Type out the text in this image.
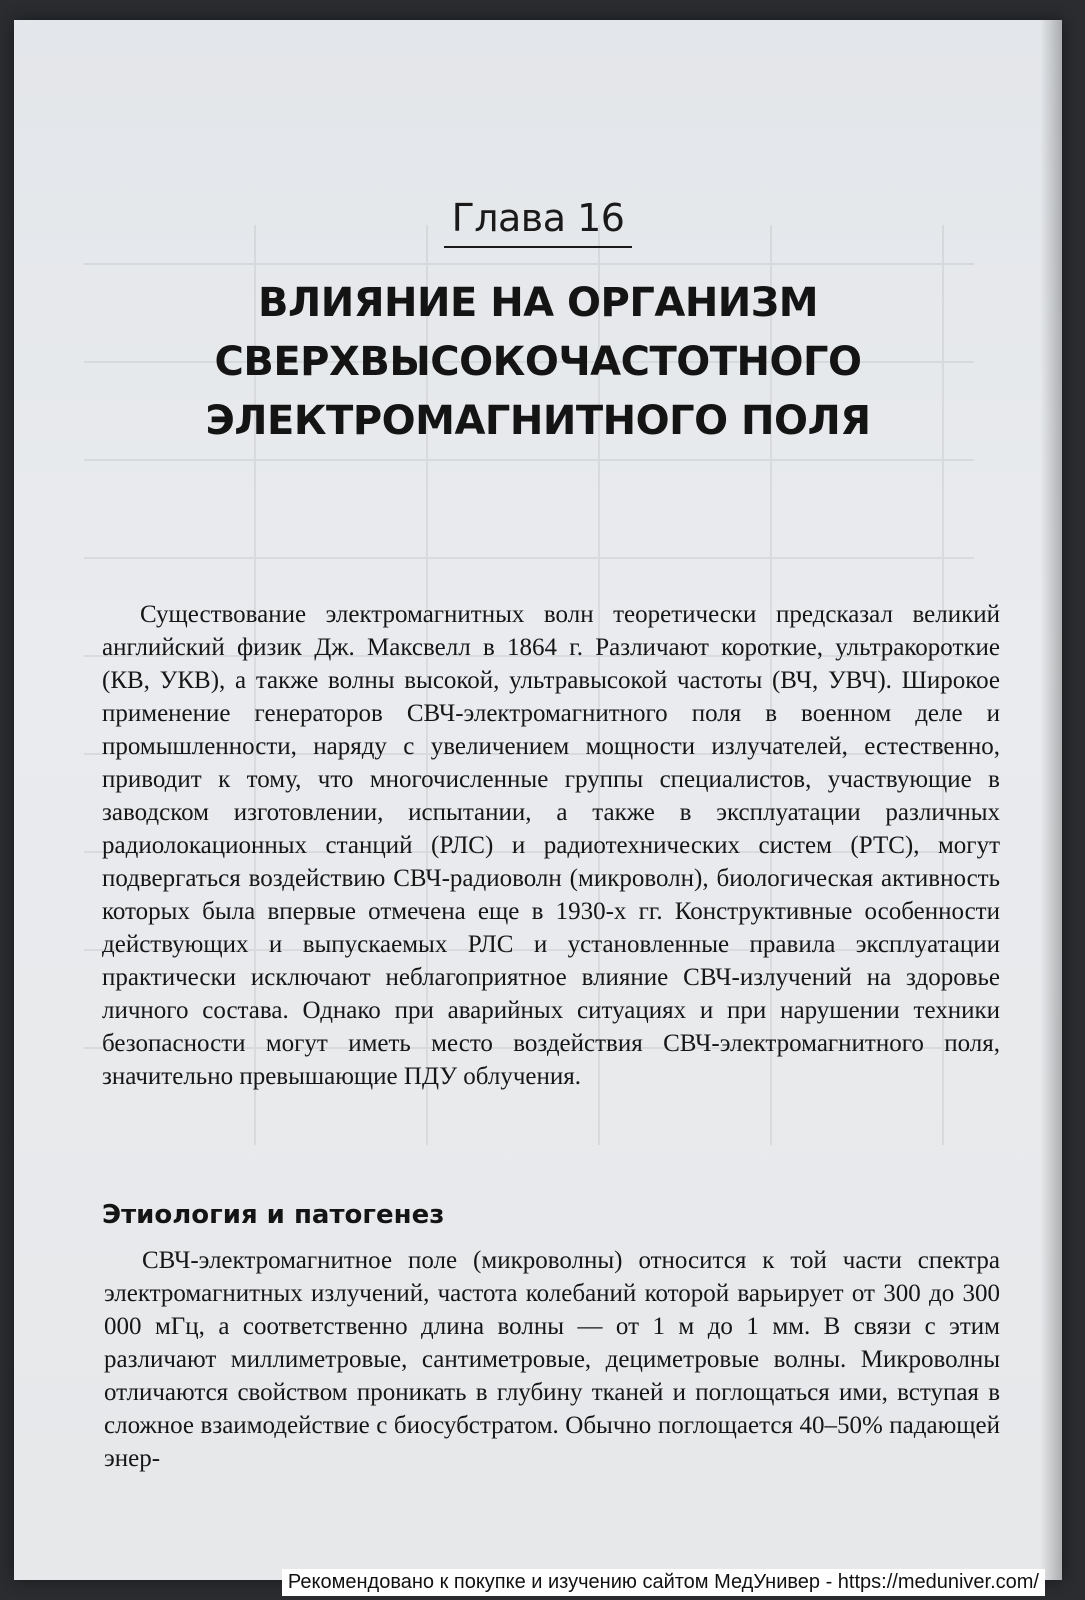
Глава 16
ВЛИЯНИЕ НА ОРГАНИЗМ
СВЕРХВЫСОКОЧАСТОТНОГО
ЭЛЕКТРОМАГНИТНОГО ПОЛЯ

Существование электромагнитных волн теоретически предсказал великий английский физик Дж. Максвелл в 1864 г. Различают короткие, ультракороткие (КВ, УКВ), а также волны высокой, ультравысокой частоты (ВЧ, УВЧ). Широкое применение генераторов СВЧ-электромагнитного поля в военном деле и промышленности, наряду с увеличением мощности излучателей, естественно, приводит к тому, что многочисленные группы специалистов, участвующие в заводском изготовлении, испытании, а также в эксплуатации различных радиолокационных станций (РЛС) и радиотехнических систем (РТС), могут подвергаться воздействию СВЧ-радиоволн (микроволн), биологическая активность которых была впервые отмечена еще в 1930-х гг. Конструктивные особенности действующих и выпускаемых РЛС и установленные правила эксплуатации практически исключают неблагоприятное влияние СВЧ-излучений на здоровье личного состава. Однако при аварийных ситуациях и при нарушении техники безопасности могут иметь место воздействия СВЧ-электромагнитного поля, значительно превышающие ПДУ облучения.

Этиология и патогенез

СВЧ-электромагнитное поле (микроволны) относится к той части спектра электромагнитных излучений, частота колебаний которой варьирует от 300 до 300 000 мГц, а соответственно длина волны — от 1 м до 1 мм. В связи с этим различают миллиметровые, сантиметровые, дециметровые волны. Микроволны отличаются свойством проникать в глубину тканей и поглощаться ими, вступая в сложное взаимодействие с биосубстратом. Обычно поглощается 40–50% падающей энер-

Рекомендовано к покупке и изучению сайтом МедУнивер - https://meduniver.com/
